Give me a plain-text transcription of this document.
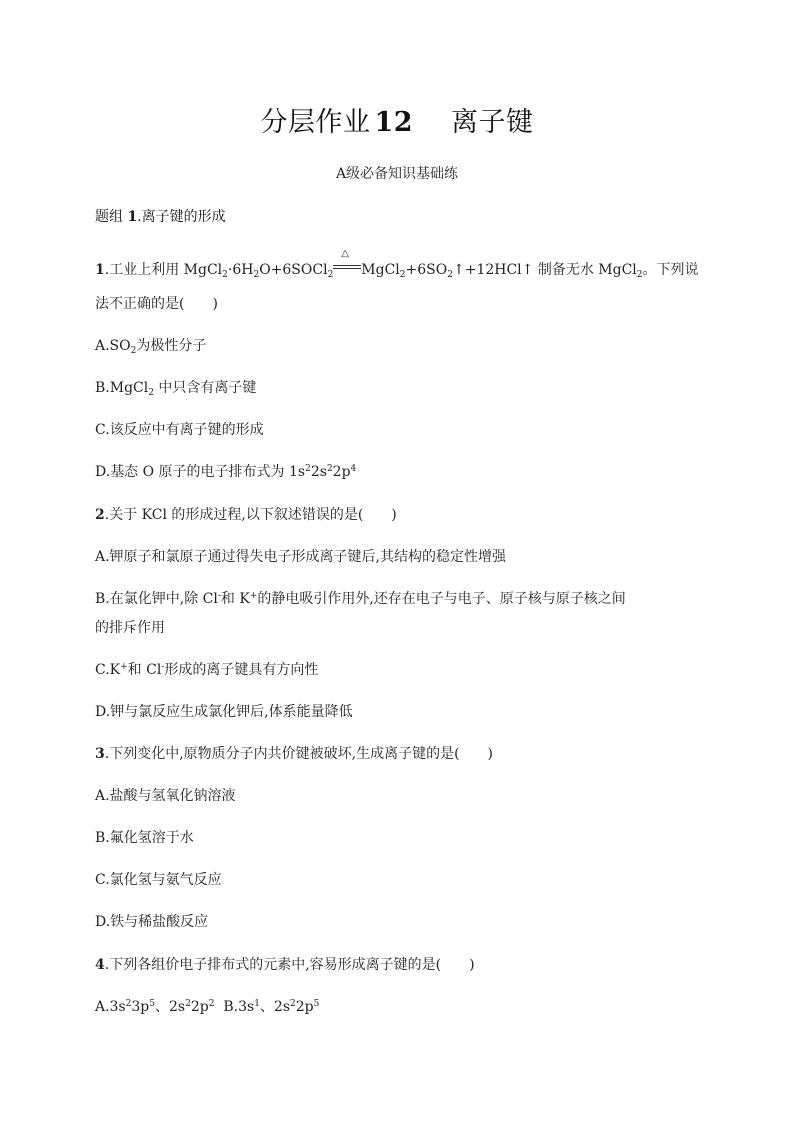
分层作业 12 离子键
A级必备知识基础练
题组 1.离子键的形成
1.工业上利用 $MgCl_2\cdot 6H_2O+6SOCl_2$
△
$MgCl_2+6SO_2↑+12HCl↑$ 制备无水 MgCl$_2$。下列说
法不正确的是(　　)
$A.SO_2$为极性分子
B.MgCl$_2$ 中只含有离子键
C.该反应中有离子键的形成
D.基态 O 原子的电子排布式为 $1s^22s^22p^4$
2.关于 KCl 的形成过程,以下叙述错误的是(　　)
A.钾原子和氯原子通过得失电子形成离子键后,其结构的稳定性增强
B.在氯化钾中,除 Cl-和 K+的静电吸引作用外,还存在电子与电子、原子核与原子核之间
的排斥作用
C.K+和 Cl-形成的离子键具有方向性
D.钾与氯反应生成氯化钾后,体系能量降低
3.下列变化中,原物质分子内共价键被破坏,生成离子键的是(　　)
A.盐酸与氢氧化钠溶液
B.氟化氢溶于水
C.氯化氢与氨气反应
D.铁与稀盐酸反应
4.下列各组价电子排布式的元素中,容易形成离子键的是(　　)
$A.3s^23p^5$、$2s^22p^2$ $B.3s^1$、$2s^22p^5$
